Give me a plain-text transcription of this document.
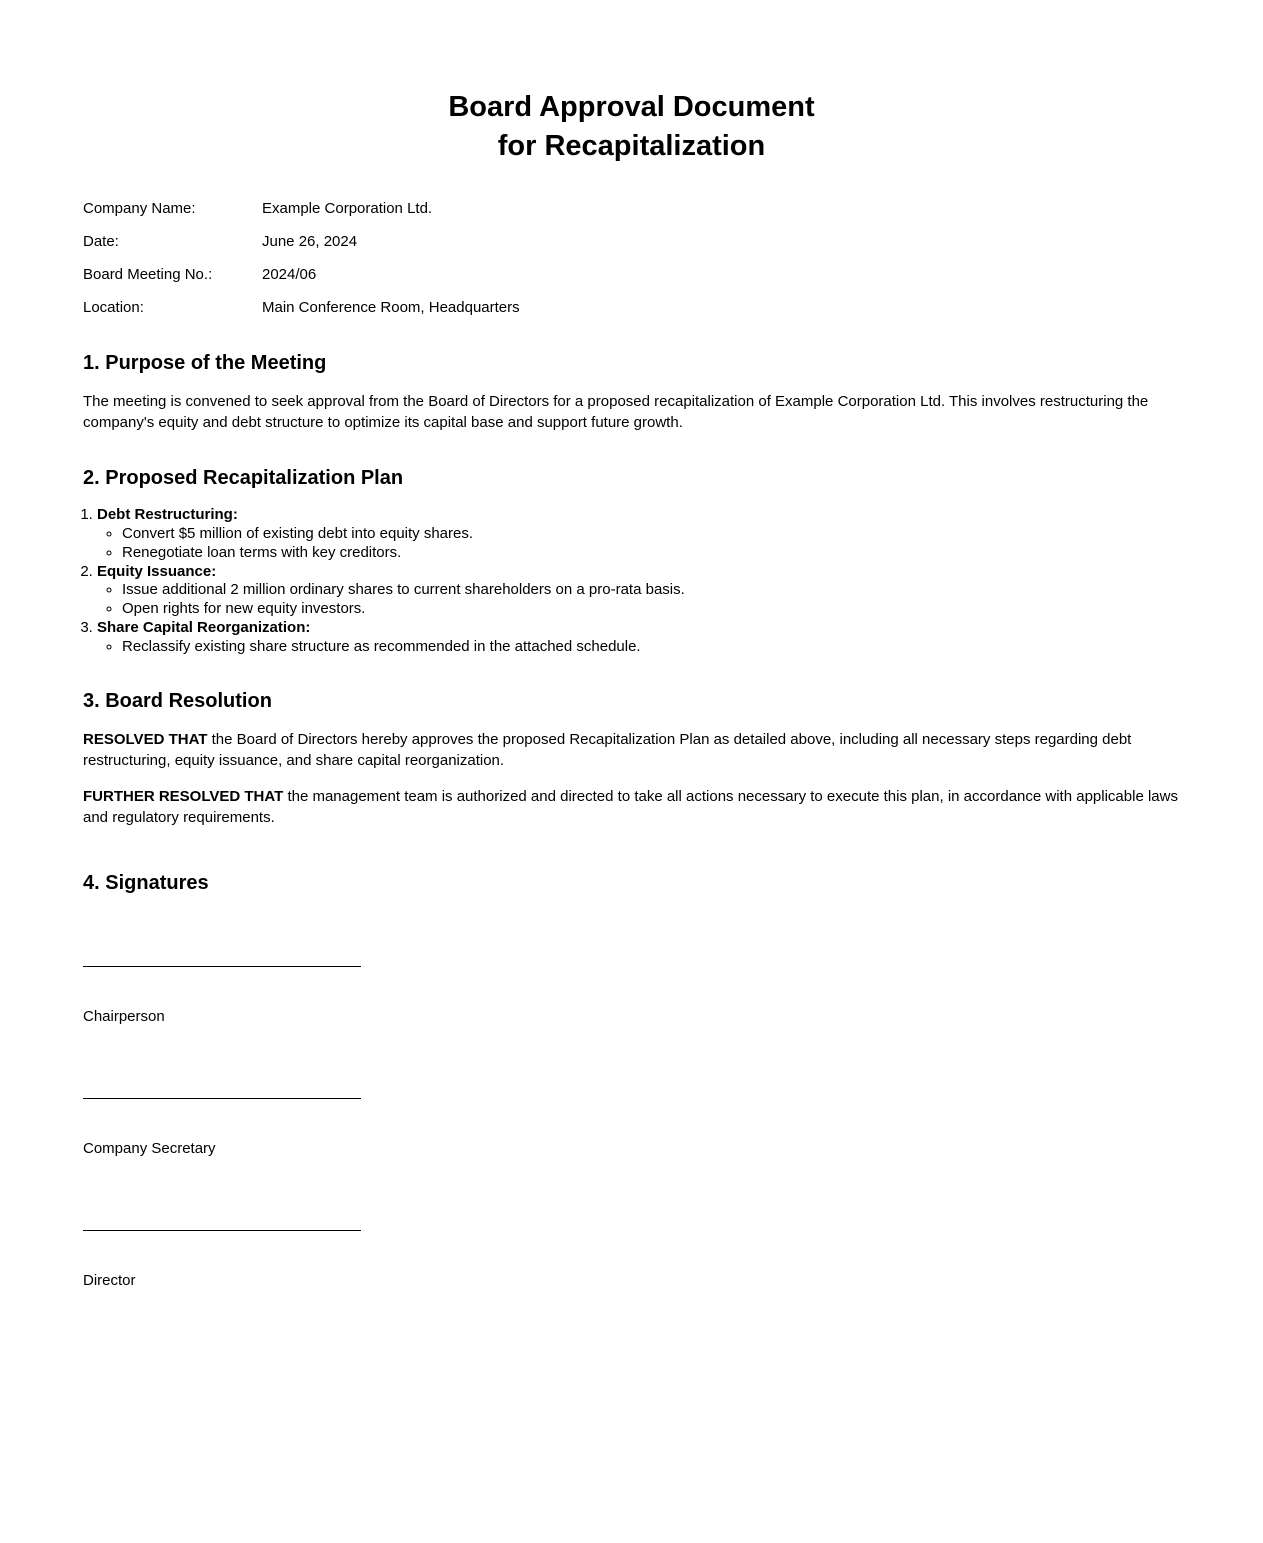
Board Approval Document
for Recapitalization
Company Name:	Example Corporation Ltd.
Date:	June 26, 2024
Board Meeting No.:	2024/06
Location:	Main Conference Room, Headquarters
1. Purpose of the Meeting

The meeting is convened to seek approval from the Board of Directors for a proposed recapitalization of Example Corporation Ltd. This involves restructuring the company's equity and debt structure to optimize its capital base and support future growth.

2. Proposed Recapitalization Plan
1. Debt Restructuring:
◦ Convert $5 million of existing debt into equity shares.
◦ Renegotiate loan terms with key creditors.
2. Equity Issuance:
◦ Issue additional 2 million ordinary shares to current shareholders on a pro-rata basis.
◦ Open rights for new equity investors.
3. Share Capital Reorganization:
◦ Reclassify existing share structure as recommended in the attached schedule.
3. Board Resolution

RESOLVED THAT the Board of Directors hereby approves the proposed Recapitalization Plan as detailed above, including all necessary steps regarding debt restructuring, equity issuance, and share capital reorganization.

FURTHER RESOLVED THAT the management team is authorized and directed to take all actions necessary to execute this plan, in accordance with applicable laws and regulatory requirements.

4. Signatures
Chairperson
Company Secretary
Director
